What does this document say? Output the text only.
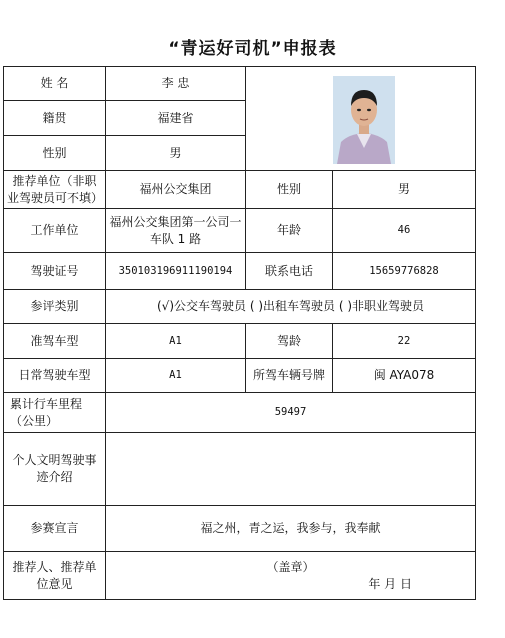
“青运好司机”申报表
姓 名	李 忠	

籍贯	福建省		
性别	男		
推荐单位（非职业驾驶员可不填）	福州公交集团	性别	男
工作单位	福州公交集团第一公司一车队 1 路	年龄	46
驾驶证号	350103196911190194	联系电话	15659776828
参评类别	(√)公交车驾驶员 ( )出租车驾驶员 ( )非职业驾驶员		
准驾车型	A1	驾龄	22
日常驾驶车型	A1	所驾车辆号牌	闽 AYA078
累计行车里程（公里）	59497		
个人文明驾驶事迹介绍			
参赛宣言	福之州，青之运，我参与，我奉献		
推荐人、推荐单位意见	（盖章）
年 月 日		
